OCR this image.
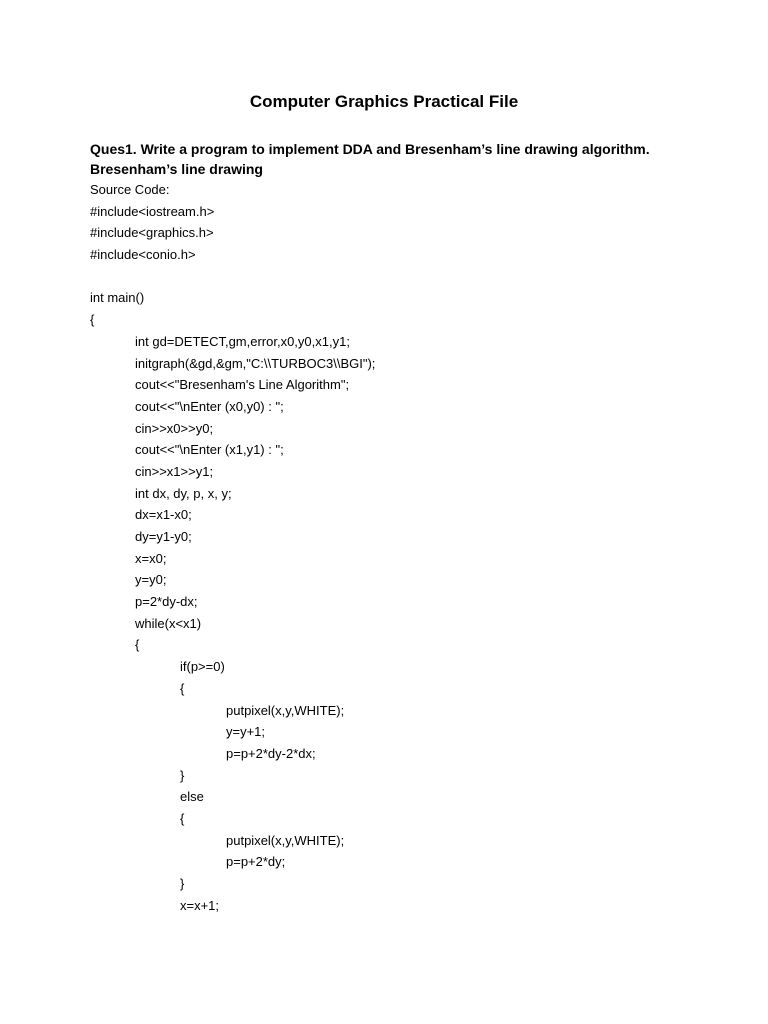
Computer Graphics Practical File
Ques1. Write a program to implement DDA and Bresenham’s line drawing algorithm.
Bresenham’s line drawing
Source Code:
#include<iostream.h>
#include<graphics.h>
#include<conio.h>
int main()
{
int gd=DETECT,gm,error,x0,y0,x1,y1;
initgraph(&gd,&gm,"C:\\TURBOC3\\BGI");
cout<<"Bresenham's Line Algorithm";
cout<<"\nEnter (x0,y0) : ";
cin>>x0>>y0;
cout<<"\nEnter (x1,y1) : ";
cin>>x1>>y1;
int dx, dy, p, x, y;
dx=x1-x0;
dy=y1-y0;
x=x0;
y=y0;
p=2*dy-dx;
while(x<x1)
{
if(p>=0)
{
putpixel(x,y,WHITE);
y=y+1;
p=p+2*dy-2*dx;
}
else
{
putpixel(x,y,WHITE);
p=p+2*dy;
}
x=x+1;
